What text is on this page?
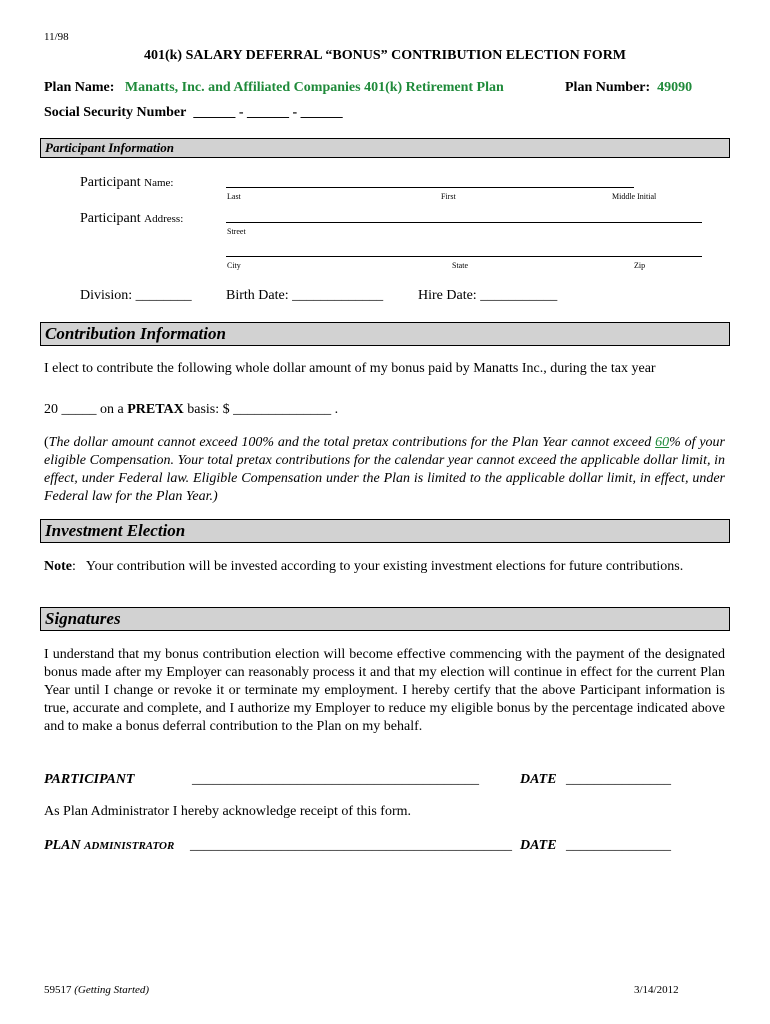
11/98
401(k) SALARY DEFERRAL “BONUS” CONTRIBUTION ELECTION FORM
Plan Name: Manatts, Inc. and Affiliated Companies 401(k) Retirement Plan	Plan Number: 49090
Social Security Number ______ - ______ - ______
Participant Information
Participant Name:
Last	First	Middle Initial
Participant Address:
Street
City	State	Zip
Division: ________ Birth Date: _____________ Hire Date: ___________
Contribution Information
I elect to contribute the following whole dollar amount of my bonus paid by Manatts Inc., during the tax year
20 _____ on a PRETAX basis: $ ______________ .

(The dollar amount cannot exceed 100% and the total pretax contributions for the Plan Year cannot exceed 60% of your eligible Compensation. Your total pretax contributions for the calendar year cannot exceed the applicable dollar limit, in effect, under Federal law. Eligible Compensation under the Plan is limited to the applicable dollar limit, in effect, under Federal law for the Plan Year.)

Investment Election

Note: Your contribution will be invested according to your existing investment elections for future contributions.

Signatures

I understand that my bonus contribution election will become effective commencing with the payment of the designated bonus made after my Employer can reasonably process it and that my election will continue in effect for the current Plan Year until I change or revoke it or terminate my employment. I hereby certify that the above Participant information is true, accurate and complete, and I authorize my Employer to reduce my eligible bonus by the percentage indicated above and to make a bonus deferral contribution to the Plan on my behalf.

PARTICIPANT	_________________________________________	DATE _______________
As Plan Administrator I hereby acknowledge receipt of this form.
PLAN ADMINISTRATOR ______________________________________________ DATE _______________
59517 (Getting Started)	3/14/2012
